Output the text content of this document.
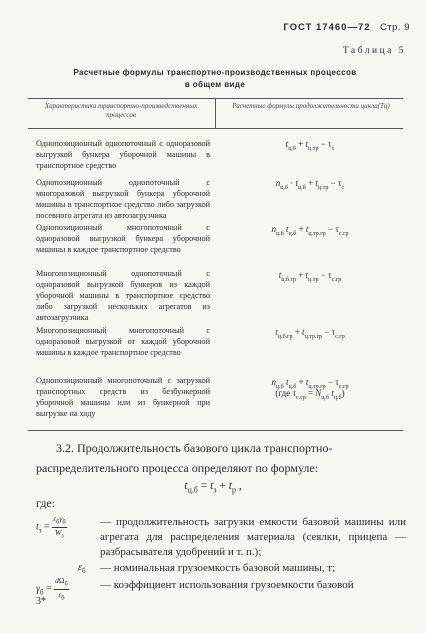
ГОСТ 17460—72 Стр. 9
Таблица 5
Расчетные формулы транспортно-производственных процессов
в общем виде
Характеристика транспортно-производственных процессов
Расчетные формулы продолжительности цикла(Тц)
Однопозиционный однопоточный с одноразовой выгрузкой бункера уборочной машины в транспортное средство
$t_{ц.б} + t_{ц.тр} - \tau_с$
Однопозиционный однопоточный с многоразовой выгрузкой бункера уборочной машины в транспортное средство либо загрузкой посевного агрегата из автозагрузчика
$n_{ц.б} \cdot t_{ц.б} + t_{ц.тр} - \tau_с$
Однопозиционный многопоточный с одноразовой выгрузкой бункера уборочной машины в каждое транспортное средство
$n_{ц.б}$ $t_{ц.б} + t_{ц.тр.гр} - \tau_{с.гр}$
Многопозиционный однопоточный с одноразовой выгрузкой бункеров из каждой уборочной машины в транспортное средство либо загрузкой нескольких агрегатов из автозагрузчика
$t_{ц.б.гр} + t_{ц.тр} - \tau_{с.гр}$
Многопозиционный многопоточный с одноразовой выгрузкой от каждой уборочной машины в каждое транспортное средство
$t_{ц.б.гр} + t_{ц.тр.гр} - \tau_{с.гр}$
Однопозиционный многопоточный с загрузкой транспортных средств из безбункерной уборочной машины или из бункерной при выгрузке на ходу
$n_{ц.б}$ $t_{ц.б} + t_{ц.тр.гр} - \tau_{с.гр}$
(где $\tau_{с.гр} = N_{ц.б}$ $t_{ц.б}$)
3.2. Продолжительность базового цикла транспортно-распределительного процесса определяют по формуле:
$t_{ц.б} = t_з + t_р$ ,
где:
$t_з = \frac{\varepsilon_б\gamma_б}{W_з}$	— продолжительность загрузки емкости базовой машины или агрегата для распределения материала (сеялки, прицепа — разбрасывателя удобрений и т. п.);
$\varepsilon_б$ — номинальная грузоемкость базовой машины, т;
$\gamma_б = \frac{d\Omega_б}{\varepsilon_б}$	— коэффициент использования грузоемкости базовой
3*
